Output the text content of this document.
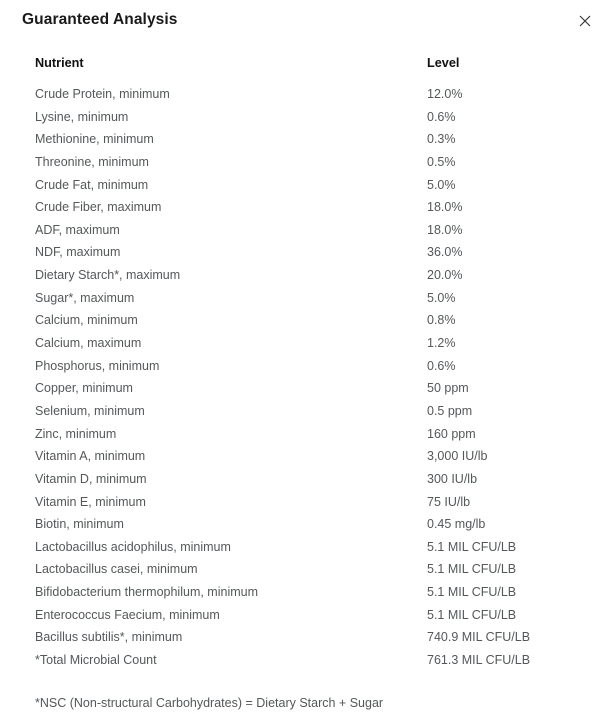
Guaranteed Analysis
Nutrient	Level
Crude Protein, minimum	12.0%
Lysine, minimum	0.6%
Methionine, minimum	0.3%
Threonine, minimum	0.5%
Crude Fat, minimum	5.0%
Crude Fiber, maximum	18.0%
ADF, maximum	18.0%
NDF, maximum	36.0%
Dietary Starch*, maximum	20.0%
Sugar*, maximum	5.0%
Calcium, minimum	0.8%
Calcium, maximum	1.2%
Phosphorus, minimum	0.6%
Copper, minimum	50 ppm
Selenium, minimum	0.5 ppm
Zinc, minimum	160 ppm
Vitamin A, minimum	3,000 IU/lb
Vitamin D, minimum	300 IU/lb
Vitamin E, minimum	75 IU/lb
Biotin, minimum	0.45 mg/lb
Lactobacillus acidophilus, minimum	5.1 MIL CFU/LB
Lactobacillus casei, minimum	5.1 MIL CFU/LB
Bifidobacterium thermophilum, minimum	5.1 MIL CFU/LB
Enterococcus Faecium, minimum	5.1 MIL CFU/LB
Bacillus subtilis*, minimum	740.9 MIL CFU/LB
*Total Microbial Count	761.3 MIL CFU/LB

*NSC (Non-structural Carbohydrates) = Dietary Starch + Sugar
